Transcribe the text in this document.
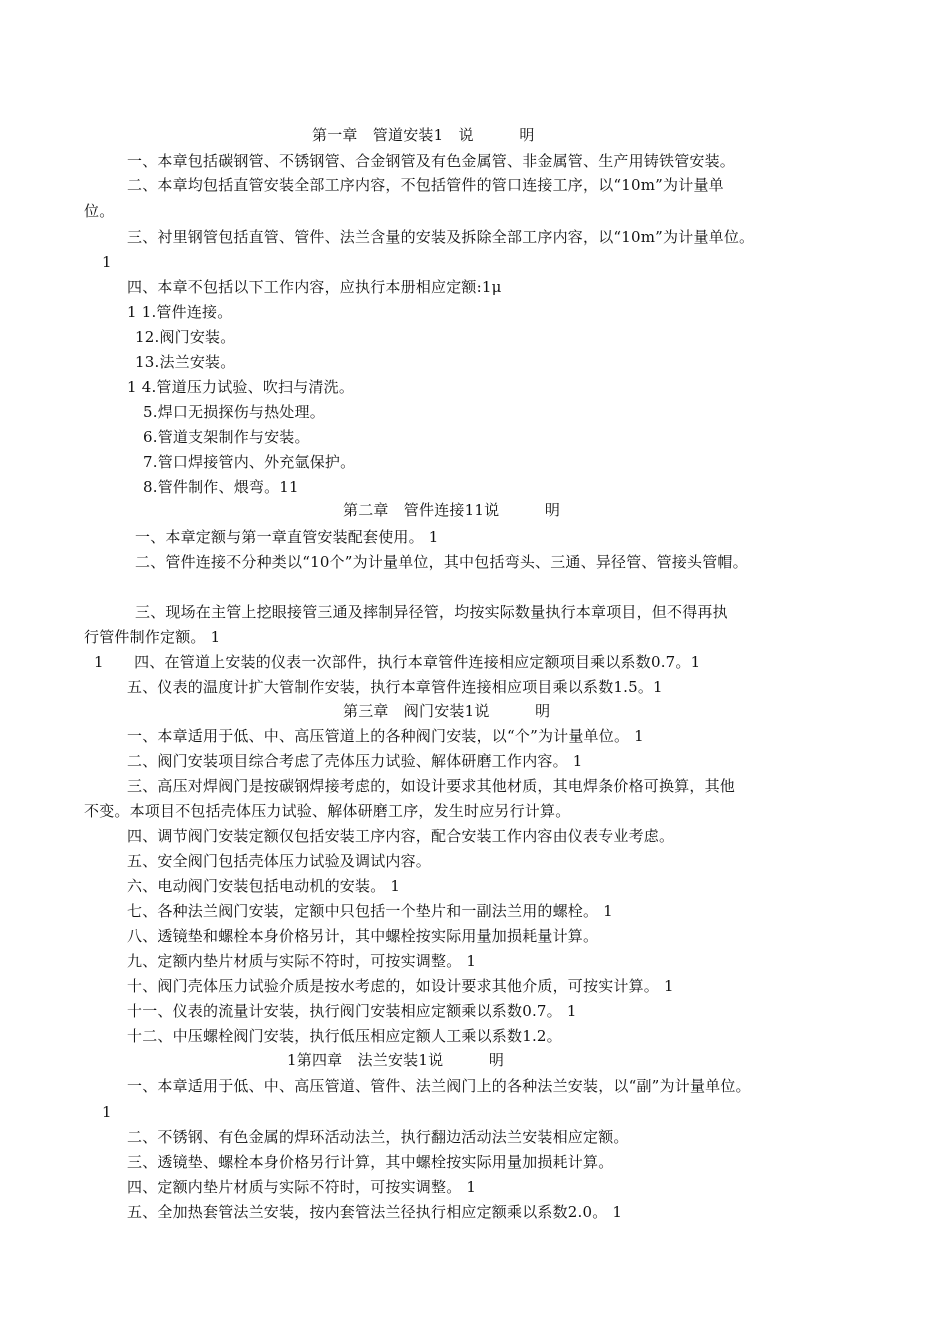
第一章　管道安装1　说　　　明
一、本章包括碳钢管、不锈钢管、合金钢管及有色金属管、非金属管、生产用铸铁管安装。
二、本章均包括直管安装全部工序内容，不包括管件的管口连接工序，以“10m”为计量单
位。
三、衬里钢管包括直管、管件、法兰含量的安装及拆除全部工序内容，以“10m”为计量单位。
1
四、本章不包括以下工作内容，应执行本册相应定额:1μ
1 1.管件连接。
12.阀门安装。
13.法兰安装。
1 4.管道压力试验、吹扫与清洗。
5.焊口无损探伤与热处理。
6.管道支架制作与安装。
7.管口焊接管内、外充氩保护。
8.管件制作、煨弯。11
第二章　管件连接11说　　　明
一、本章定额与第一章直管安装配套使用。 1
二、管件连接不分种类以“10个”为计量单位，其中包括弯头、三通、异径管、管接头管帽。
三、现场在主管上挖眼接管三通及摔制异径管，均按实际数量执行本章项目，但不得再执
行管件制作定额。 1
1　　四、在管道上安装的仪表一次部件，执行本章管件连接相应定额项目乘以系数0.7。1
五、仪表的温度计扩大管制作安装，执行本章管件连接相应项目乘以系数1.5。1
第三章　阀门安装1说　　　明
一、本章适用于低、中、高压管道上的各种阀门安装，以“个”为计量单位。 1
二、阀门安装项目综合考虑了壳体压力试验、解体研磨工作内容。 1
三、高压对焊阀门是按碳钢焊接考虑的，如设计要求其他材质，其电焊条价格可换算，其他
不变。本项目不包括壳体压力试验、解体研磨工序，发生时应另行计算。
四、调节阀门安装定额仅包括安装工序内容，配合安装工作内容由仪表专业考虑。
五、安全阀门包括壳体压力试验及调试内容。
六、电动阀门安装包括电动机的安装。 1
七、各种法兰阀门安装，定额中只包括一个垫片和一副法兰用的螺栓。 1
八、透镜垫和螺栓本身价格另计，其中螺栓按实际用量加损耗量计算。
九、定额内垫片材质与实际不符时，可按实调整。 1
十、阀门壳体压力试验介质是按水考虑的，如设计要求其他介质，可按实计算。 1
十一、仪表的流量计安装，执行阀门安装相应定额乘以系数0.7。 1
十二、中压螺栓阀门安装，执行低压相应定额人工乘以系数1.2。
1第四章　法兰安装1说　　　明
一、本章适用于低、中、高压管道、管件、法兰阀门上的各种法兰安装，以“副”为计量单位。
1
二、不锈钢、有色金属的焊环活动法兰，执行翻边活动法兰安装相应定额。
三、透镜垫、螺栓本身价格另行计算，其中螺栓按实际用量加损耗计算。
四、定额内垫片材质与实际不符时，可按实调整。 1
五、全加热套管法兰安装，按内套管法兰径执行相应定额乘以系数2.0。 1
